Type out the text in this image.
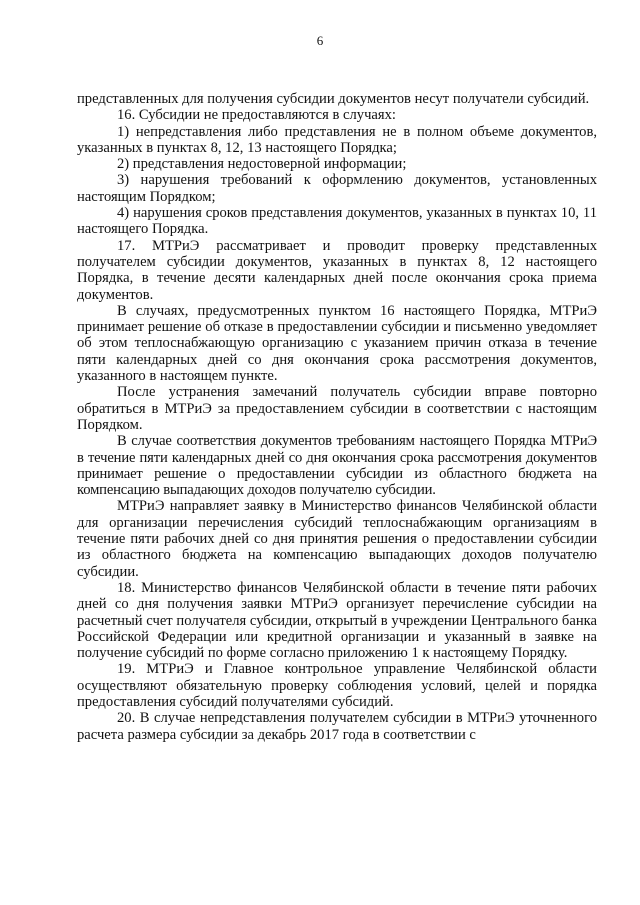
6

представленных для получения субсидии документов несут получатели субсидий.

16. Субсидии не предоставляются в случаях:

1) непредставления либо представления не в полном объеме документов, указанных в пунктах 8, 12, 13 настоящего Порядка;

2) представления недостоверной информации;

3) нарушения требований к оформлению документов, установленных настоящим Порядком;

4) нарушения сроков представления документов, указанных в пунктах 10, 11 настоящего Порядка.

17. МТРиЭ рассматривает и проводит проверку представленных получателем субсидии документов, указанных в пунктах 8, 12 настоящего Порядка, в течение десяти календарных дней после окончания срока приема документов.

В случаях, предусмотренных пунктом 16 настоящего Порядка, МТРиЭ принимает решение об отказе в предоставлении субсидии и письменно уведомляет об этом теплоснабжающую организацию с указанием причин отказа в течение пяти календарных дней со дня окончания срока рассмотрения документов, указанного в настоящем пункте.

После устранения замечаний получатель субсидии вправе повторно обратиться в МТРиЭ за предоставлением субсидии в соответствии с настоящим Порядком.

В случае соответствия документов требованиям настоящего Порядка МТРиЭ в течение пяти календарных дней со дня окончания срока рассмотрения документов принимает решение о предоставлении субсидии из областного бюджета на компенсацию выпадающих доходов получателю субсидии.

МТРиЭ направляет заявку в Министерство финансов Челябинской области для организации перечисления субсидий теплоснабжающим организациям в течение пяти рабочих дней со дня принятия решения о предоставлении субсидии из областного бюджета на компенсацию выпадающих доходов получателю субсидии.

18. Министерство финансов Челябинской области в течение пяти рабочих дней со дня получения заявки МТРиЭ организует перечисление субсидии на расчетный счет получателя субсидии, открытый в учреждении Центрального банка Российской Федерации или кредитной организации и указанный в заявке на получение субсидий по форме согласно приложению 1 к настоящему Порядку.

19. МТРиЭ и Главное контрольное управление Челябинской области осуществляют обязательную проверку соблюдения условий, целей и порядка предоставления субсидий получателями субсидий.

20. В случае непредставления получателем субсидии в МТРиЭ уточненного расчета размера субсидии за декабрь 2017 года в соответствии с
